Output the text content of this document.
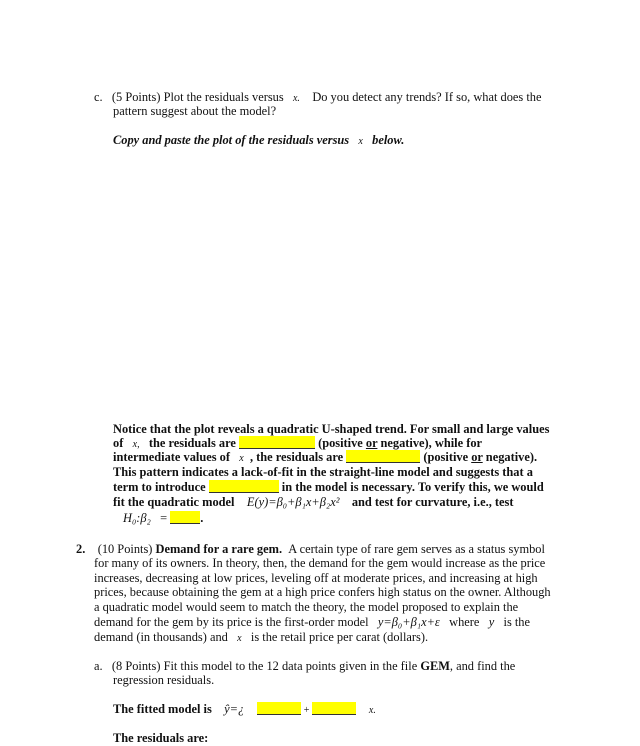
c. (5 Points) Plot the residuals versus x. Do you detect any trends? If so, what does the
pattern suggest about the model?
Copy and paste the plot of the residuals versus x below.
Notice that the plot reveals a quadratic U-shaped trend. For small and large values
of x, the residuals are	(positive or negative), while for
intermediate values of x , the residuals are	(positive or negative).
This pattern indicates a lack-of-fit in the straight-line model and suggests that a
term to introduce	in the model is necessary. To verify this, we would
fit the quadratic model E(y)=β₀+β₁x+β₂x² and test for curvature, i.e., test
H₀:β₂ =	.
2. (10 Points) Demand for a rare gem. A certain type of rare gem serves as a status symbol
for many of its owners. In theory, then, the demand for the gem would increase as the price
increases, decreasing at low prices, leveling off at moderate prices, and increasing at high
prices, because obtaining the gem at a high price confers high status on the owner. Although
a quadratic model would seem to match the theory, the model proposed to explain the
demand for the gem by its price is the first-order model y=β₀+β₁x+ε where y is the
demand (in thousands) and x is the retail price per carat (dollars).
a. (8 Points) Fit this model to the 12 data points given in the file GEM, and find the
regression residuals.
The fitted model is ŷ=¿	+	x.
The residuals are:
